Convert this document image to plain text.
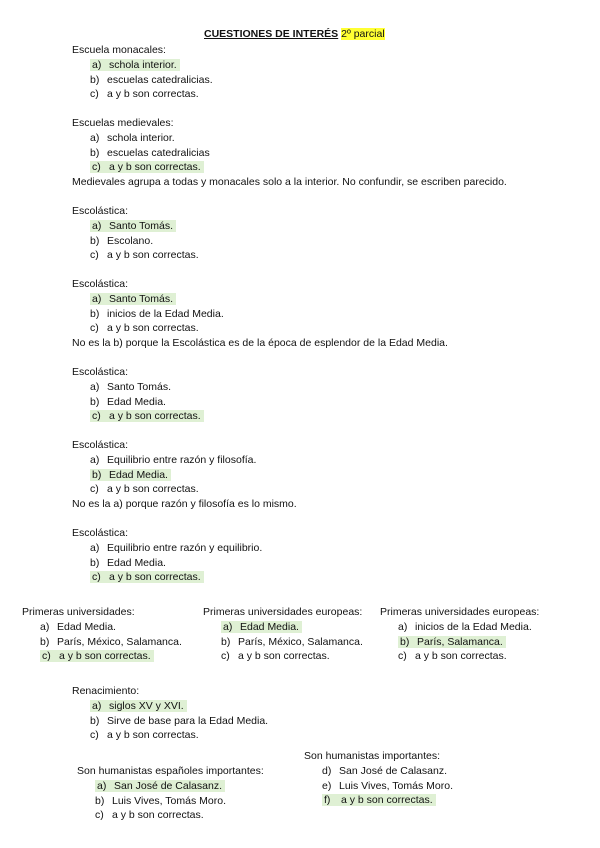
CUESTIONES DE INTERÉS 2º parcial
Escuela monacales:
a) schola interior.
b) escuelas catedralicias.
c) a y b son correctas.
Escuelas medievales:
a) schola interior.
b) escuelas catedralicias
c) a y b son correctas.
Medievales agrupa a todas y monacales solo a la interior. No confundir, se escriben parecido.
Escolástica:
a) Santo Tomás.
b) Escolano.
c) a y b son correctas.
Escolástica:
a) Santo Tomás.
b) inicios de la Edad Media.
c) a y b son correctas.
No es la b) porque la Escolástica es de la época de esplendor de la Edad Media.
Escolástica:
a) Santo Tomás.
b) Edad Media.
c) a y b son correctas.
Escolástica:
a) Equilibrio entre razón y filosofía.
b) Edad Media.
c) a y b son correctas.
No es la a) porque razón y filosofía es lo mismo.
Escolástica:
a) Equilibrio entre razón y equilibrio.
b) Edad Media.
c) a y b son correctas.
Primeras universidades:
a) Edad Media.
b) París, México, Salamanca.
c) a y b son correctas.
Primeras universidades europeas:
a) Edad Media.
b) París, México, Salamanca.
c) a y b son correctas.
Primeras universidades europeas:
a) inicios de la Edad Media.
b) París, Salamanca.
c) a y b son correctas.
Renacimiento:
a) siglos XV y XVI.
b) Sirve de base para la Edad Media.
c) a y b son correctas.
Son humanistas españoles importantes:
a) San José de Calasanz.
b) Luis Vives, Tomás Moro.
c) a y b son correctas.
Son humanistas importantes:
d) San José de Calasanz.
e) Luis Vives, Tomás Moro.
f) a y b son correctas.
